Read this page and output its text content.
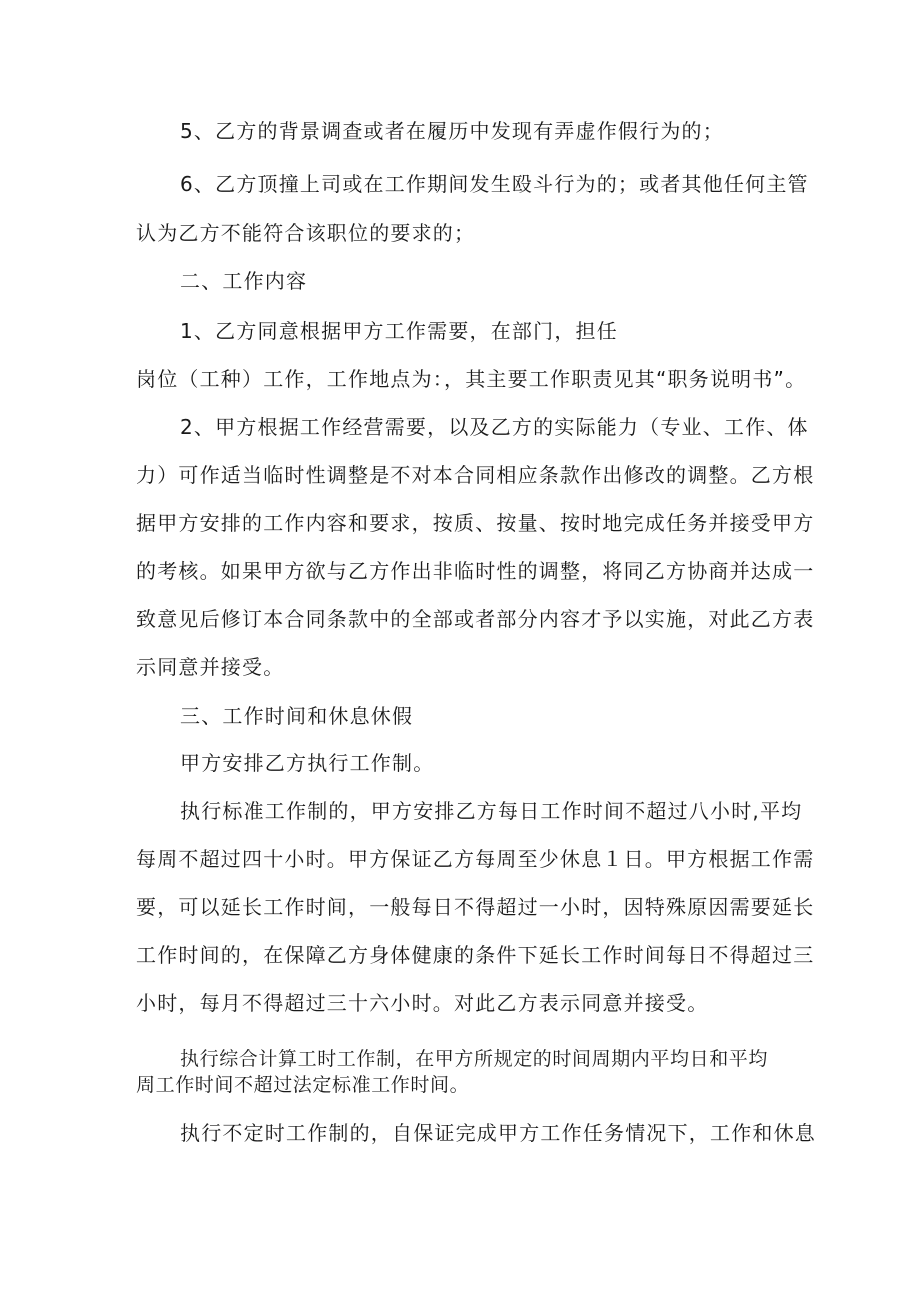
5、乙方的背景调查或者在履历中发现有弄虚作假行为的；
6、乙方顶撞上司或在工作期间发生殴斗行为的；或者其他任何主管
认为乙方不能符合该职位的要求的；
二、工作内容
1、乙方同意根据甲方工作需要，在部门，担任
岗位（工种）工作，工作地点为：，其主要工作职责见其“职务说明书”。
2、甲方根据工作经营需要，以及乙方的实际能力（专业、工作、体
力）可作适当临时性调整是不对本合同相应条款作出修改的调整。乙方根
据甲方安排的工作内容和要求，按质、按量、按时地完成任务并接受甲方
的考核。如果甲方欲与乙方作出非临时性的调整，将同乙方协商并达成一
致意见后修订本合同条款中的全部或者部分内容才予以实施，对此乙方表
示同意并接受。
三、工作时间和休息休假
甲方安排乙方执行工作制。
执行标准工作制的，甲方安排乙方每日工作时间不超过八小时,平均
每周不超过四十小时。甲方保证乙方每周至少休息１日。甲方根据工作需
要，可以延长工作时间，一般每日不得超过一小时，因特殊原因需要延长
工作时间的，在保障乙方身体健康的条件下延长工作时间每日不得超过三
小时，每月不得超过三十六小时。对此乙方表示同意并接受。
执行综合计算工时工作制，在甲方所规定的时间周期内平均日和平均
周工作时间不超过法定标准工作时间。
执行不定时工作制的，自保证完成甲方工作任务情况下，工作和休息
